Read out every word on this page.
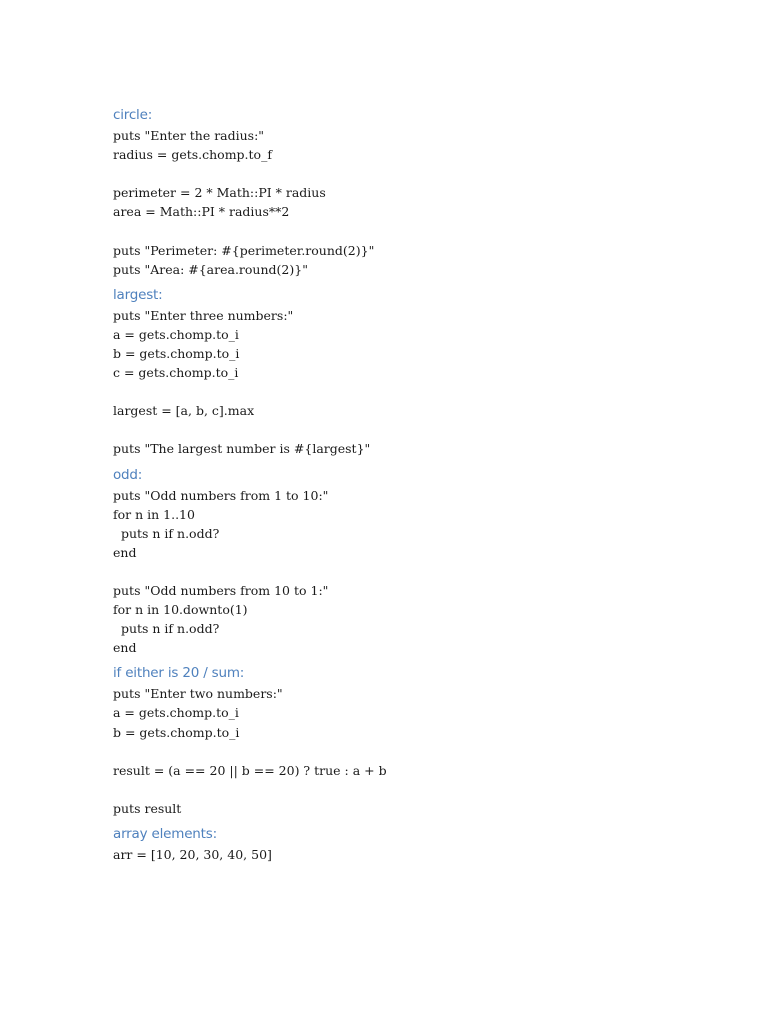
circle:

puts "Enter the radius:"

radius = gets.chomp.to_f

perimeter = 2 * Math::PI * radius

area = Math::PI * radius**2

puts "Perimeter: #{perimeter.round(2)}"

puts "Area: #{area.round(2)}"

largest:

puts "Enter three numbers:"

a = gets.chomp.to_i

b = gets.chomp.to_i

c = gets.chomp.to_i

largest = [a, b, c].max

puts "The largest number is #{largest}"

odd:

puts "Odd numbers from 1 to 10:"

for n in 1..10

puts n if n.odd?

end

puts "Odd numbers from 10 to 1:"

for n in 10.downto(1)

puts n if n.odd?

end

if either is 20 / sum:

puts "Enter two numbers:"

a = gets.chomp.to_i

b = gets.chomp.to_i

result = (a == 20 || b == 20) ? true : a + b

puts result

array elements:

arr = [10, 20, 30, 40, 50]
